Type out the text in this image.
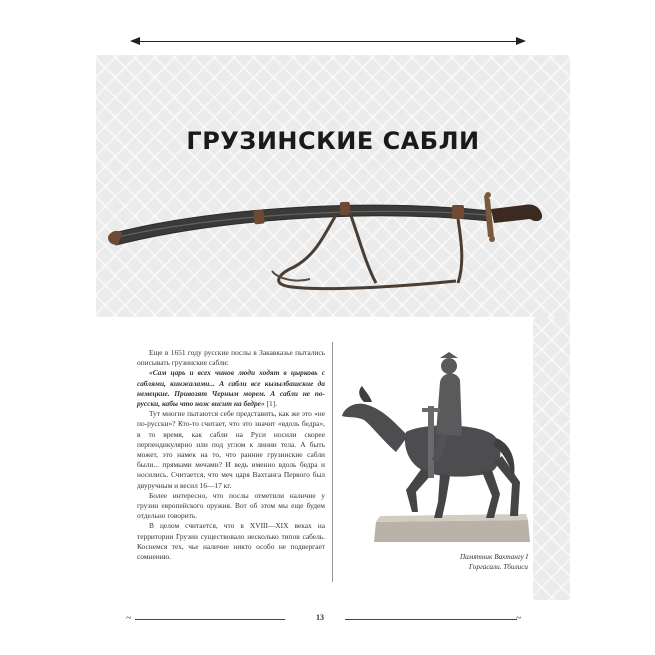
ГРУЗИНСКИЕ САБЛИ

Еще в 1651 году русские послы в Закавказье пытались описывать грузинские сабли:

«Сам царь и всех чинов люди ходят в цырковь с саблями, кинжалами... А сабли все кызылбашские да немецкие. Привозят Черным морем. А сабли не по-русски, кабы что нож висит на бедре» [1].

Тут многие пытаются себе представить, как же это «не по-русски»? Кто-то считает, что это значит «вдоль бедра», в то время, как сабли на Руси носили скорее перпендикулярно или под углом к линии тела. А быть может, это намек на то, что ранние грузинские сабли были... прямыми мечами? И ведь именно вдоль бедра и носились. Считается, что меч царя Вахтанга Первого был двуручным и весил 16—17 кг.

Более интересно, что послы отметили наличие у грузин европейского оружия. Вот об этом мы еще будем отдельно говорить.

В целом считается, что в XVIII—XIX веках на территории Грузии существовало несколько типов сабель. Коснемся тех, чье наличие никто особо не подвергает сомнению.	Памятник Вахтангу I
Горгасали. Тбилиси
~	13	~
